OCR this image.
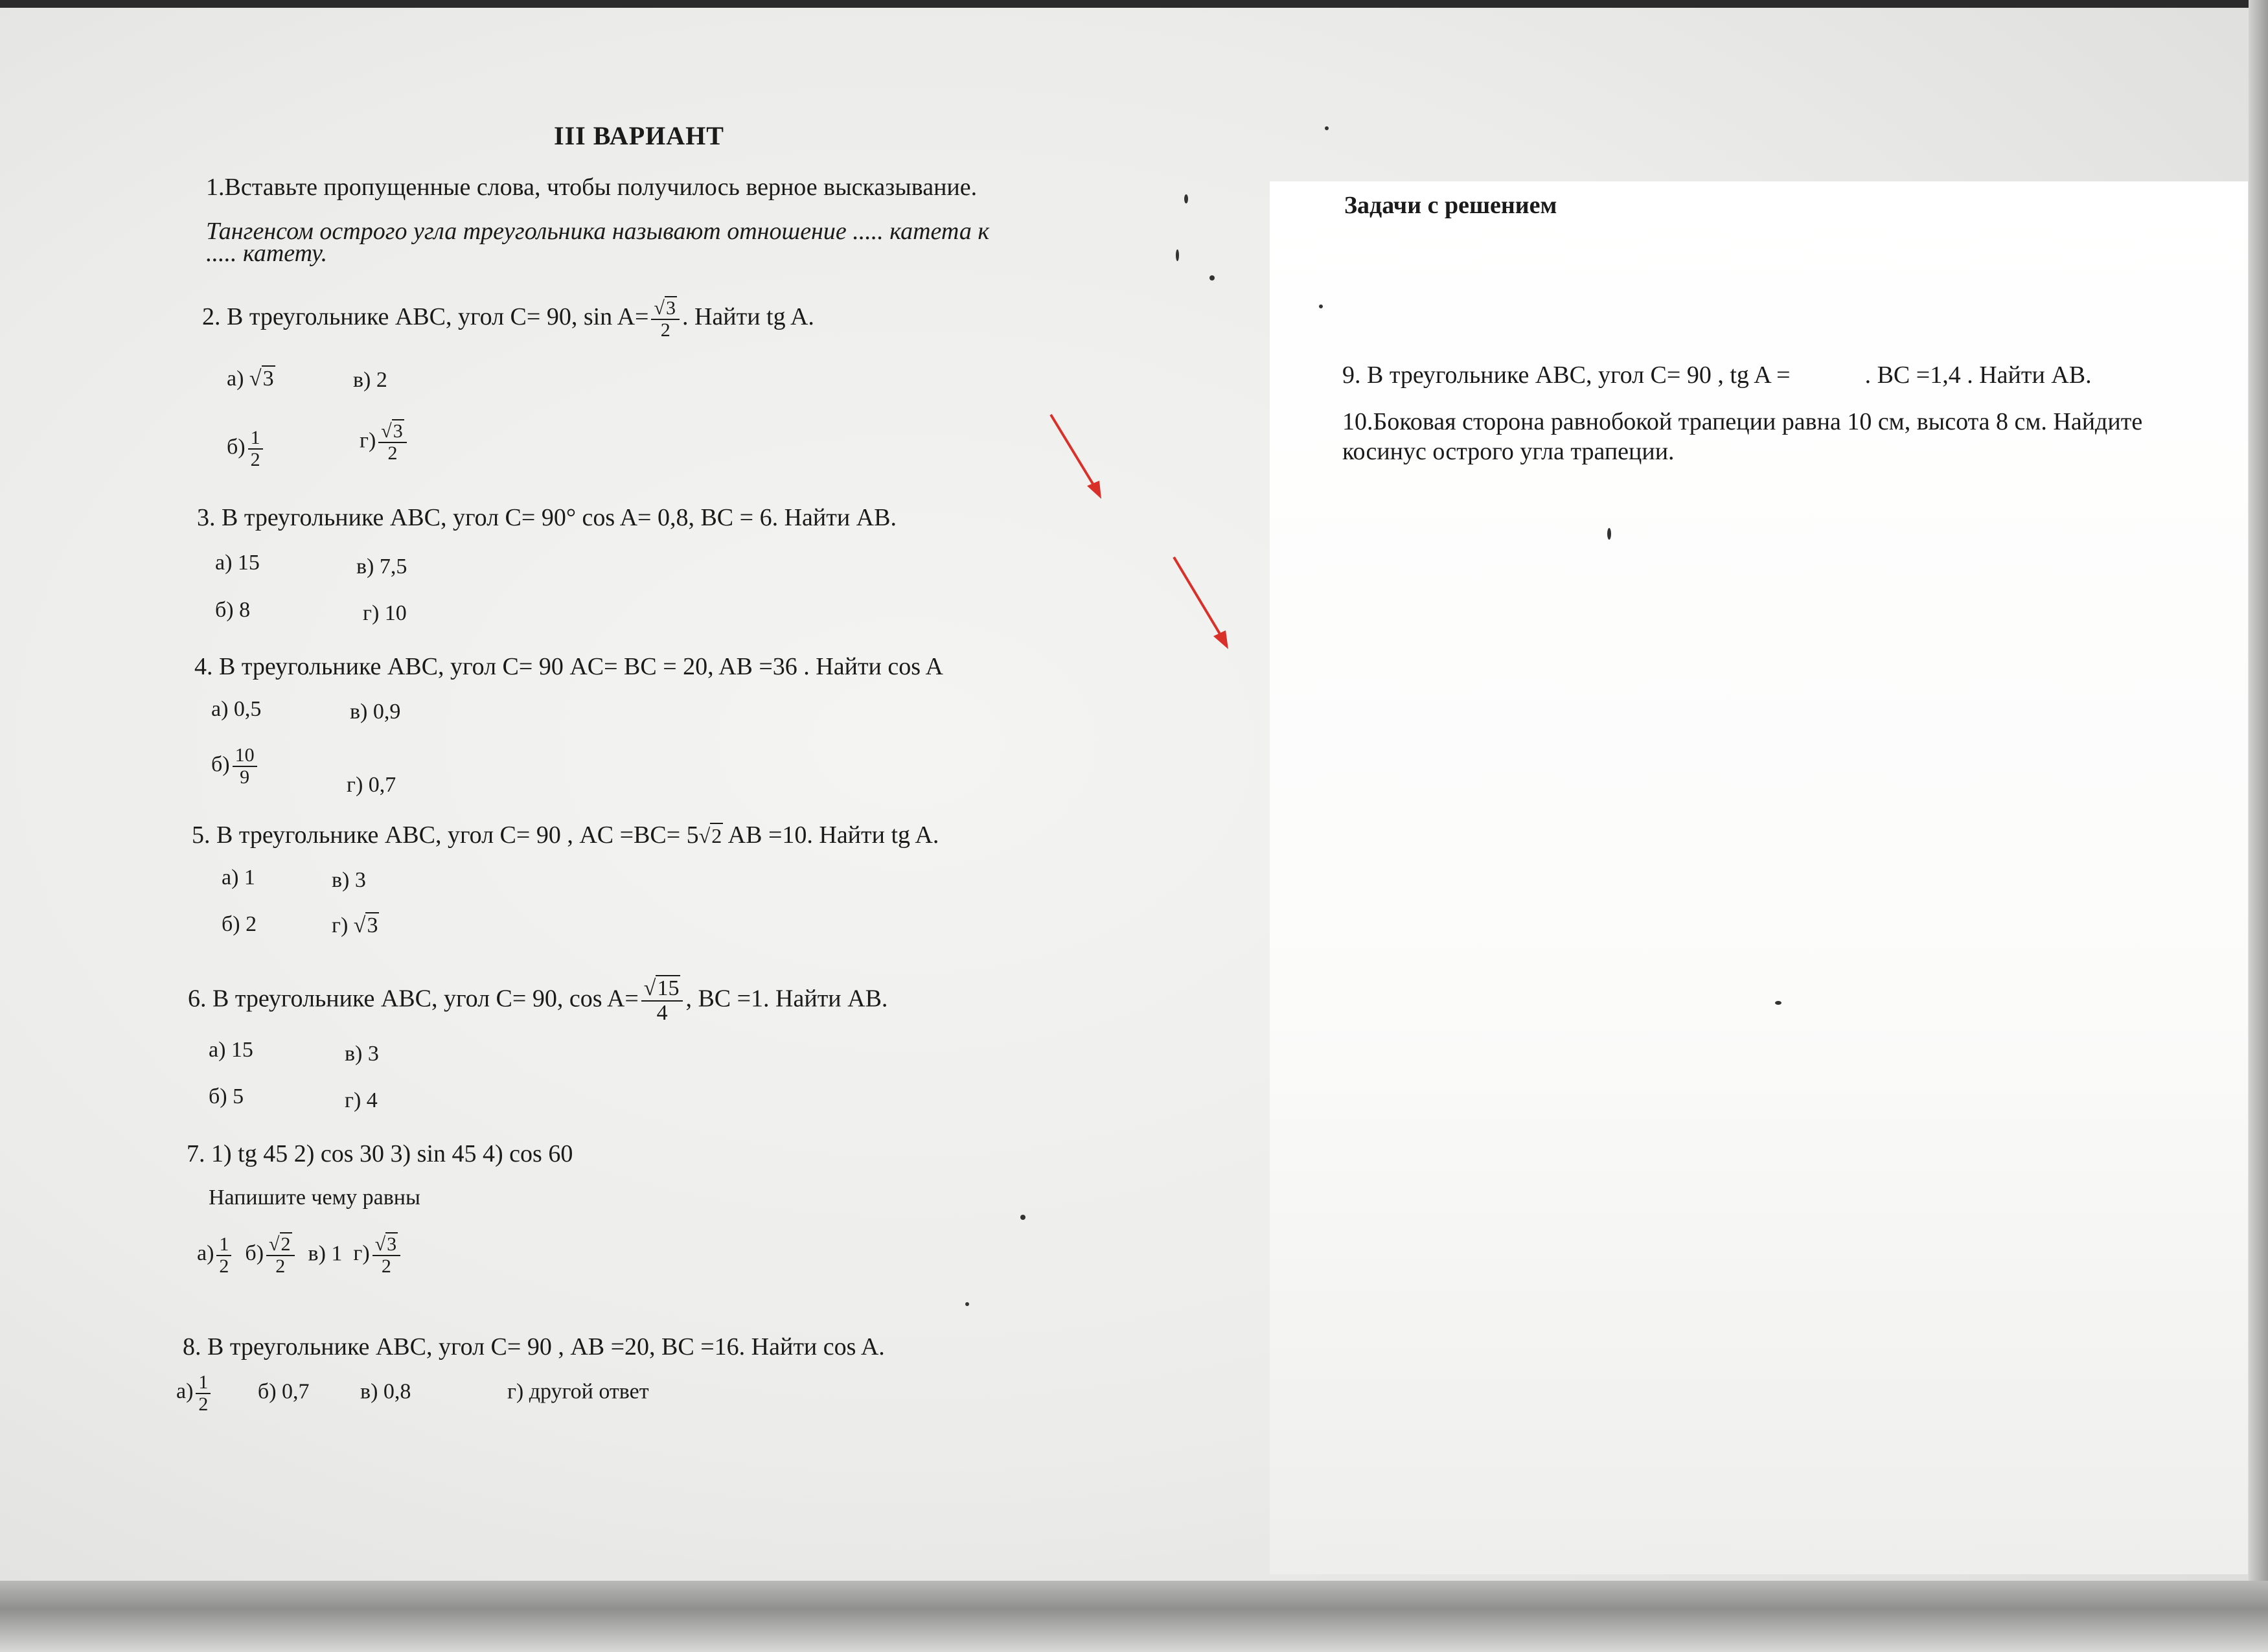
III ВАРИАНТ
1.Вставьте пропущенные слова, чтобы получилось верное высказывание.
Тангенсом острого угла треугольника называют отношение ..... катета к
..... катету.
2. В треугольнике АВС, угол С= 90, $\sin A= \frac{√3}{2}$ . Найти tg A.
а) √3	в) 2
$б) \frac{1}{2}$	$г) \frac{√3}{2}$
3. В треугольнике АВС, угол С= 90° cos A= 0,8, BC = 6. Найти АВ.
а) 15	в) 7,5
б) 8	г) 10
4. В треугольнике АВС, угол С= 90 AC= BC = 20, AB =36 . Найти cos A
а) 0,5	в) 0,9
$б) \frac{10}{9}$	г) 0,7
5. В треугольнике АВС, угол С= 90 , AC =BC= 5√2 AB =10. Найти tg A.
а) 1	в) 3
б) 2	г) √3
6. В треугольнике АВС, угол С= 90, $\cos A= \frac{√15}{4}$ , BC =1. Найти АВ.
а) 15	в) 3
б) 5	г) 4
7. 1) tg 45 2) cos 30 3) sin 45 4) cos 60
Напишите чему равны
$а) \frac{1}{2} б) \frac{√2}{2} в$) 1 $г) \frac{√3}{2}$
8. В треугольнике АВС, угол С= 90 , AB =20, BC =16. Найти cos A.
$а) \frac{1}{2} б$) 0,7 в) 0,8	г) другой ответ
Задачи с решением
9. В треугольнике АВС, угол С= 90 , tg A =	. BC =1,4 . Найти АВ.
10.Боковая сторона равнобокой трапеции равна 10 см, высота 8 см. Найдите
косинус острого угла трапеции.
